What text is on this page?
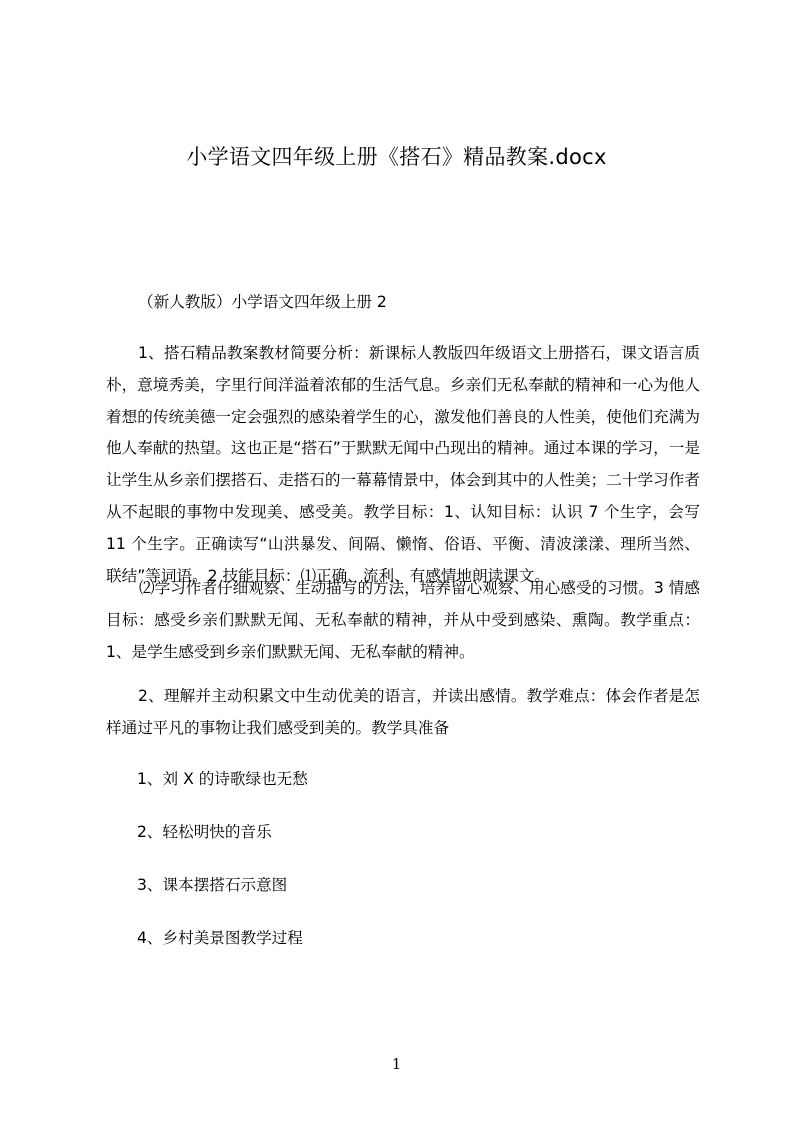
小学语文四年级上册《搭石》精品教案.docx

（新人教版）小学语文四年级上册 2

1、搭石精品教案教材简要分析：新课标人教版四年级语文上册搭石，课文语言质朴，意境秀美，字里行间洋溢着浓郁的生活气息。乡亲们无私奉献的精神和一心为他人着想的传统美德一定会强烈的感染着学生的心，激发他们善良的人性美，使他们充满为他人奉献的热望。这也正是“搭石”于默默无闻中凸现出的精神。通过本课的学习，一是让学生从乡亲们摆搭石、走搭石的一幕幕情景中，体会到其中的人性美；二十学习作者从不起眼的事物中发现美、感受美。教学目标：1、认知目标：认识 7 个生字，会写 11 个生字。正确读写“山洪暴发、间隔、懒惰、俗语、平衡、清波漾漾、理所当然、联结”等词语。2 技能目标：⑴正确、流利、有感情地朗读课文。

⑵学习作者仔细观察、生动描写的方法，培养留心观察、用心感受的习惯。3 情感目标：感受乡亲们默默无闻、无私奉献的精神，并从中受到感染、熏陶。教学重点：1、是学生感受到乡亲们默默无闻、无私奉献的精神。

2、理解并主动积累文中生动优美的语言，并读出感情。教学难点：体会作者是怎样通过平凡的事物让我们感受到美的。教学具准备

1、刘 X 的诗歌绿也无愁

2、轻松明快的音乐

3、课本摆搭石示意图

4、乡村美景图教学过程

1
